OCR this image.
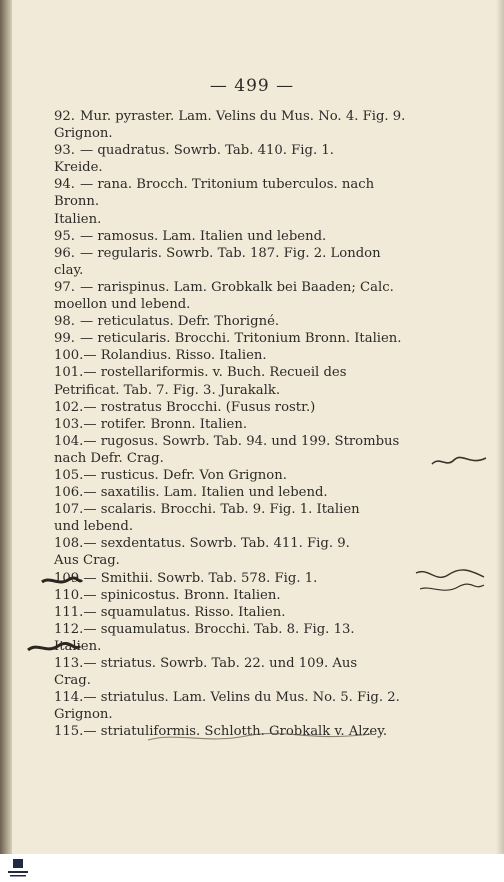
— 499 —
92. Mur. pyraster. Lam. Velins du Mus. No. 4. Fig. 9.
Grignon.
93. — quadratus. Sowrb. Tab. 410. Fig. 1.
Kreide.
94. — rana. Brocch. Tritonium tuberculos. nach Bronn.
Italien.
95. — ramosus. Lam. Italien und lebend.
96. — regularis. Sowrb. Tab. 187. Fig. 2. London
clay.
97. — rarispinus. Lam. Grobkalk bei Baaden; Calc.
moellon und lebend.
98. — reticulatus. Defr. Thorigné.
99. — reticularis. Brocchi. Tritonium Bronn. Italien.
100.— Rolandius. Risso. Italien.
101.— rostellariformis. v. Buch. Recueil des
Petrificat. Tab. 7. Fig. 3. Jurakalk.
102.— rostratus Brocchi. (Fusus rostr.)
103.— rotifer. Bronn. Italien.
104.— rugosus. Sowrb. Tab. 94. und 199. Strombus
nach Defr. Crag.
105.— rusticus. Defr. Von Grignon.
106.— saxatilis. Lam. Italien und lebend.
107.— scalaris. Brocchi. Tab. 9. Fig. 1. Italien
und lebend.
108.— sexdentatus. Sowrb. Tab. 411. Fig. 9.
Aus Crag.
109.— Smithii. Sowrb. Tab. 578. Fig. 1.
110.— spinicostus. Bronn. Italien.
111.— squamulatus. Risso. Italien.
112.— squamulatus. Brocchi. Tab. 8. Fig. 13.
Italien.
113.— striatus. Sowrb. Tab. 22. und 109. Aus
Crag.
114.— striatulus. Lam. Velins du Mus. No. 5. Fig. 2.
Grignon.
115.— striatuliformis. Schlotth. Grobkalk v. Alzey.
